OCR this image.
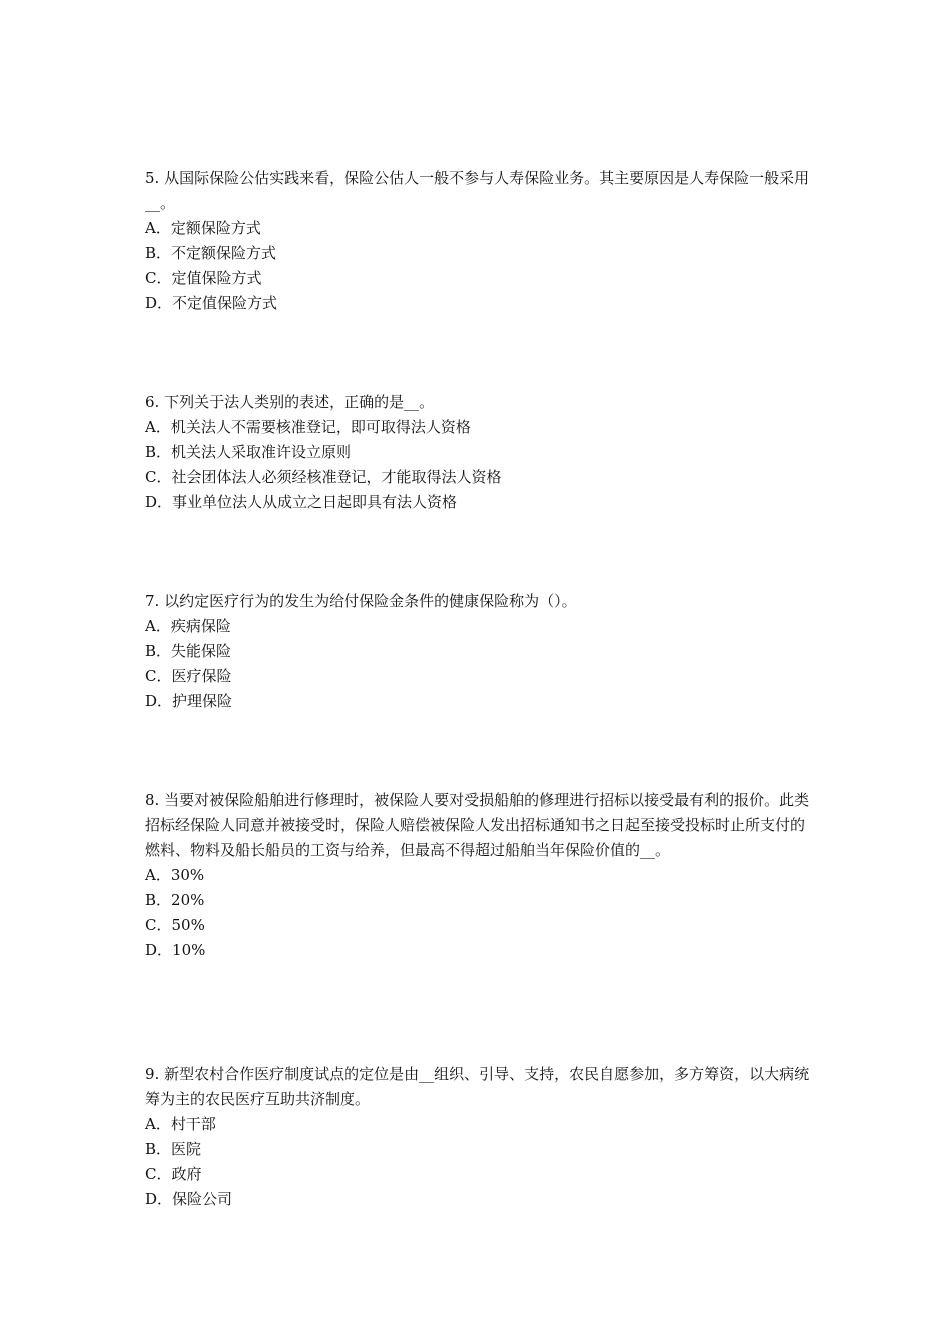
5. 从国际保险公估实践来看，保险公估人一般不参与人寿保险业务。其主要原因是人寿保险一般采用__。

A．定额保险方式

B．不定额保险方式

C．定值保险方式

D．不定值保险方式

6. 下列关于法人类别的表述，正确的是__。

A．机关法人不需要核准登记，即可取得法人资格

B．机关法人采取准许设立原则

C．社会团体法人必须经核准登记，才能取得法人资格

D．事业单位法人从成立之日起即具有法人资格

7. 以约定医疗行为的发生为给付保险金条件的健康保险称为（）。

A．疾病保险

B．失能保险

C．医疗保险

D．护理保险

8. 当要对被保险船舶进行修理时，被保险人要对受损船舶的修理进行招标以接受最有利的报价。此类招标经保险人同意并被接受时，保险人赔偿被保险人发出招标通知书之日起至接受投标时止所支付的燃料、物料及船长船员的工资与给养，但最高不得超过船舶当年保险价值的__。

A．30%

B．20%

C．50%

D．10%

9. 新型农村合作医疗制度试点的定位是由__组织、引导、支持，农民自愿参加，多方筹资，以大病统筹为主的农民医疗互助共济制度。

A．村干部

B．医院

C．政府

D．保险公司
